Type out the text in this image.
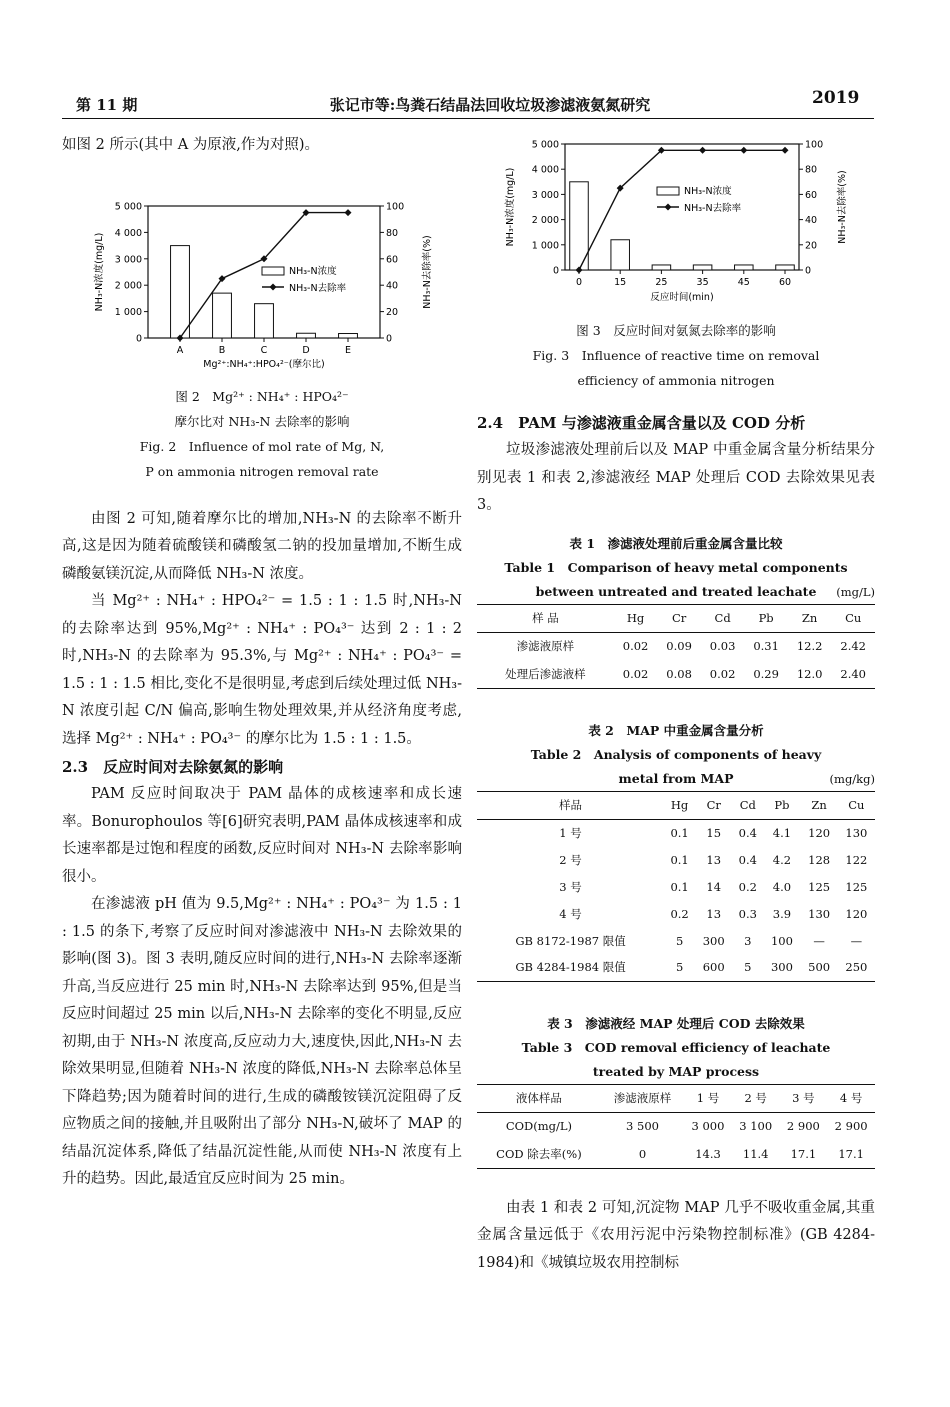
第 11 期	张记市等:鸟粪石结晶法回收垃圾渗滤液氨氮研究	2019

如图 2 所示(其中 A 为原液,作为对照)。

0
1 000
2 000
3 000
4 000
5 000
0
20
40
60
80
100
A	B	C	D	E
NH₃-N浓度
NH₃-N去除率
NH₃-N浓度(mg/L)	NH₃-N去除率(%)
Mg²⁺:NH₄⁺:HPO₄²⁻(摩尔比)

图 2　Mg²⁺ : NH₄⁺ : HPO₄²⁻

摩尔比对 NH₃-N 去除率的影响

Fig. 2　Influence of mol rate of Mg, N,

P on ammonia nitrogen removal rate

由图 2 可知,随着摩尔比的增加,NH₃-N 的去除率不断升高,这是因为随着硫酸镁和磷酸氢二钠的投加量增加,不断生成磷酸氨镁沉淀,从而降低 NH₃-N 浓度。

当 Mg²⁺ : NH₄⁺ : HPO₄²⁻ = 1.5 : 1 : 1.5 时,NH₃-N 的去除率达到 95%,Mg²⁺ : NH₄⁺ : PO₄³⁻ 达到 2 : 1 : 2 时,NH₃-N 的去除率为 95.3%,与 Mg²⁺ : NH₄⁺ : PO₄³⁻ = 1.5 : 1 : 1.5 相比,变化不是很明显,考虑到后续处理过低 NH₃-N 浓度引起 C/N 偏高,影响生物处理效果,并从经济角度考虑,选择 Mg²⁺ : NH₄⁺ : PO₄³⁻ 的摩尔比为 1.5 : 1 : 1.5。

2.3　反应时间对去除氨氮的影响

PAM 反应时间取决于 PAM 晶体的成核速率和成长速率。Bonurophoulos 等[6]研究表明,PAM 晶体成核速率和成长速率都是过饱和程度的函数,反应时间对 NH₃-N 去除率影响很小。

在渗滤液 pH 值为 9.5,Mg²⁺ : NH₄⁺ : PO₄³⁻ 为 1.5 : 1 : 1.5 的条下,考察了反应时间对渗滤液中 NH₃-N 去除效果的影响(图 3)。图 3 表明,随反应时间的进行,NH₃-N 去除率逐渐升高,当反应进行 25 min 时,NH₃-N 去除率达到 95%,但是当反应时间超过 25 min 以后,NH₃-N 去除率的变化不明显,反应初期,由于 NH₃-N 浓度高,反应动力大,速度快,因此,NH₃-N 去除效果明显,但随着 NH₃-N 浓度的降低,NH₃-N 去除率总体呈下降趋势;因为随着时间的进行,生成的磷酸铵镁沉淀阻碍了反应物质之间的接触,并且吸附出了部分 NH₃-N,破坏了 MAP 的结晶沉淀体系,降低了结晶沉淀性能,从而使 NH₃-N 浓度有上升的趋势。因此,最适宜反应时间为 25 min。

0
1 000
2 000
3 000
4 000
5 000
0
20
40
60
80
100
0	15	25	35	45	60
NH₃-N浓度
NH₃-N去除率
NH₃-N浓度(mg/L)	NH₃-N去除率(%)
反应时间(min)

图 3　反应时间对氨氮去除率的影响

Fig. 3　Influence of reactive time on removal

efficiency of ammonia nitrogen

2.4　PAM 与渗滤液重金属含量以及 COD 分析

垃圾渗滤液处理前后以及 MAP 中重金属含量分析结果分别见表 1 和表 2,渗滤液经 MAP 处理后 COD 去除效果见表 3。

表 1　渗滤液处理前后重金属含量比较

Table 1　Comparison of heavy metal components

between untreated and treated leachate	(mg/L)
样 品	Hg	Cr	Cd	Pb	Zn	Cu
渗滤液原样	0.02	0.09	0.03	0.31	12.2	2.42
处理后渗滤液样	0.02	0.08	0.02	0.29	12.0	2.40

表 2　MAP 中重金属含量分析

Table 2　Analysis of components of heavy

metal from MAP	(mg/kg)
样品	Hg	Cr	Cd	Pb	Zn	Cu
1 号	0.1	15	0.4	4.1	120	130
2 号	0.1	13	0.4	4.2	128	122
3 号	0.1	14	0.2	4.0	125	125
4 号	0.2	13	0.3	3.9	130	120
GB 8172-1987 限值	5	300	3	100	—	—
GB 4284-1984 限值	5	600	5	300	500	250

表 3　渗滤液经 MAP 处理后 COD 去除效果

Table 3　COD removal efficiency of leachate

treated by MAP process

液体样品	渗滤液原样	1 号	2 号	3 号	4 号
COD(mg/L)	3 500	3 000	3 100	2 900	2 900
COD 除去率(%)	0	14.3	11.4	17.1	17.1

由表 1 和表 2 可知,沉淀物 MAP 几乎不吸收重金属,其重金属含量远低于《农用污泥中污染物控制标准》(GB 4284-1984)和《城镇垃圾农用控制标
